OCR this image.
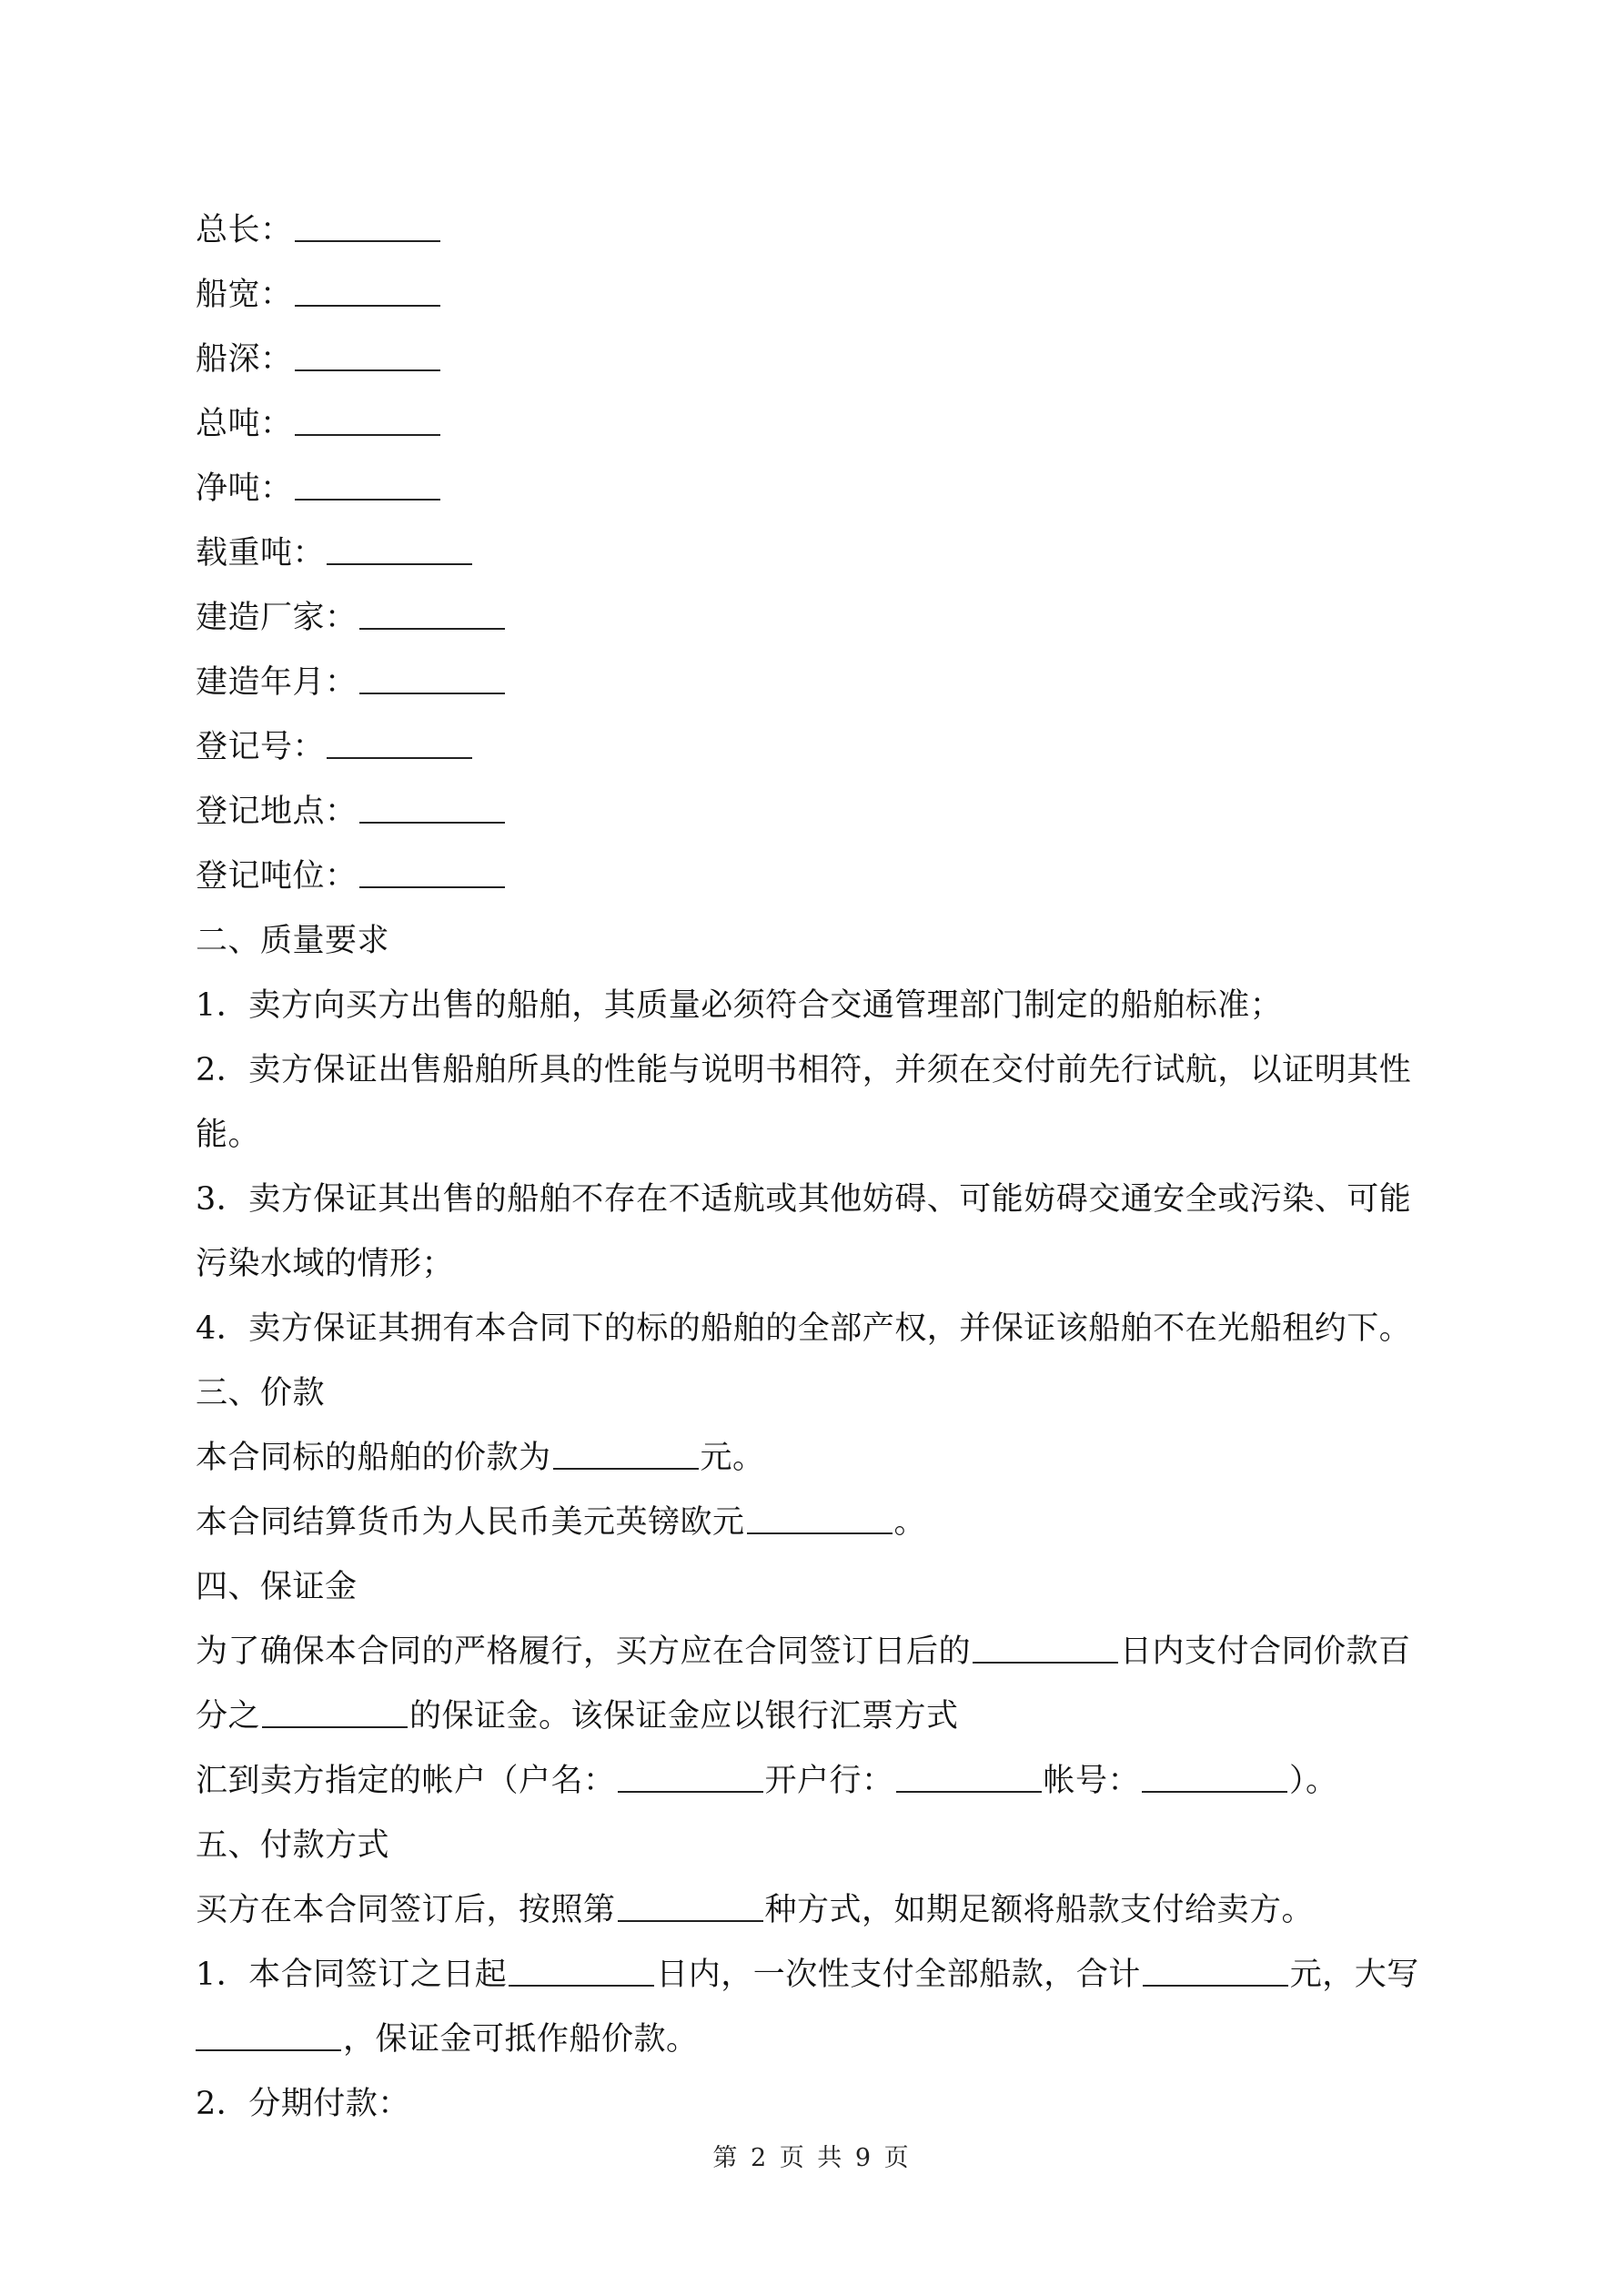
总长：
船宽：
船深：
总吨：
净吨：
载重吨：
建造厂家：
建造年月：
登记号：
登记地点：
登记吨位：
二、质量要求
1．卖方向买方出售的船舶，其质量必须符合交通管理部门制定的船舶标准；
2．卖方保证出售船舶所具的性能与说明书相符，并须在交付前先行试航，以证明其性
能。
3．卖方保证其出售的船舶不存在不适航或其他妨碍、可能妨碍交通安全或污染、可能
污染水域的情形；
4．卖方保证其拥有本合同下的标的船舶的全部产权，并保证该船舶不在光船租约下。
三、价款
本合同标的船舶的价款为	元。
本合同结算货币为人民币美元英镑欧元	。
四、保证金
为了确保本合同的严格履行，买方应在合同签订日后的	日内支付合同价款百
分之	的保证金。该保证金应以银行汇票方式
汇到卖方指定的帐户（户名：	开户行：	帐号：	）。
五、付款方式
买方在本合同签订后，按照第	种方式，如期足额将船款支付给卖方。
1．本合同签订之日起	日内，一次性支付全部船款，合计	元，大写
，保证金可抵作船价款。
2．分期付款：
第 2 页 共 9 页
